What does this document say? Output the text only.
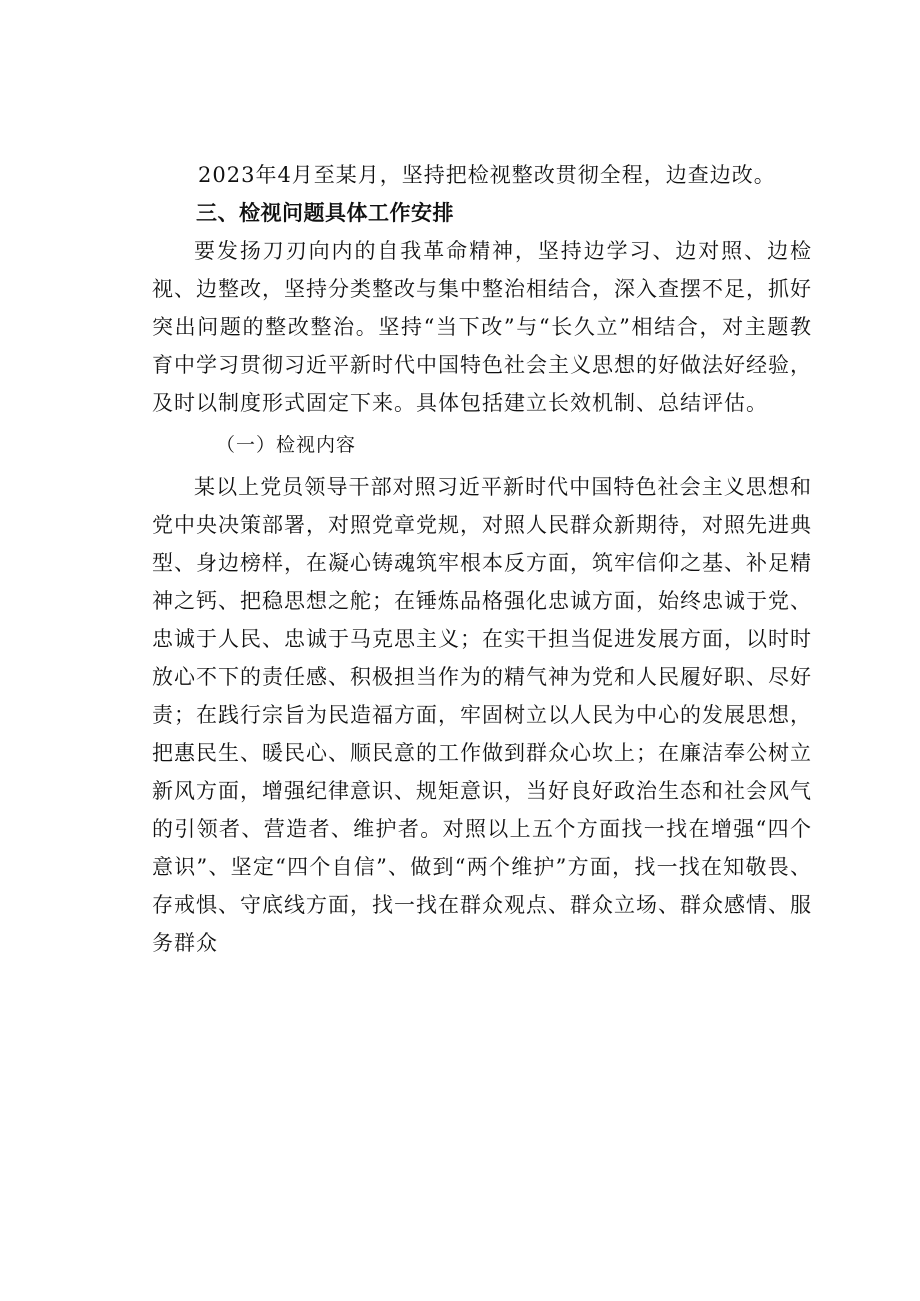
2023年4月至某月，坚持把检视整改贯彻全程，边查边改。

三、检视问题具体工作安排

要发扬刀刃向内的自我革命精神，坚持边学习、边对照、边检视、边整改，坚持分类整改与集中整治相结合，深入查摆不足，抓好突出问题的整改整治。坚持“当下改”与“长久立”相结合，对主题教育中学习贯彻习近平新时代中国特色社会主义思想的好做法好经验，及时以制度形式固定下来。具体包括建立长效机制、总结评估。

（一）检视内容

某以上党员领导干部对照习近平新时代中国特色社会主义思想和党中央决策部署，对照党章党规，对照人民群众新期待，对照先进典型、身边榜样，在凝心铸魂筑牢根本反方面，筑牢信仰之基、补足精神之钙、把稳思想之舵；在锤炼品格强化忠诚方面，始终忠诚于党、忠诚于人民、忠诚于马克思主义；在实干担当促进发展方面，以时时放心不下的责任感、积极担当作为的精气神为党和人民履好职、尽好责；在践行宗旨为民造福方面，牢固树立以人民为中心的发展思想，把惠民生、暖民心、顺民意的工作做到群众心坎上；在廉洁奉公树立新风方面，增强纪律意识、规矩意识，当好良好政治生态和社会风气的引领者、营造者、维护者。对照以上五个方面找一找在增强“四个意识”、坚定“四个自信”、做到“两个维护”方面，找一找在知敬畏、存戒惧、守底线方面，找一找在群众观点、群众立场、群众感情、服务群众
